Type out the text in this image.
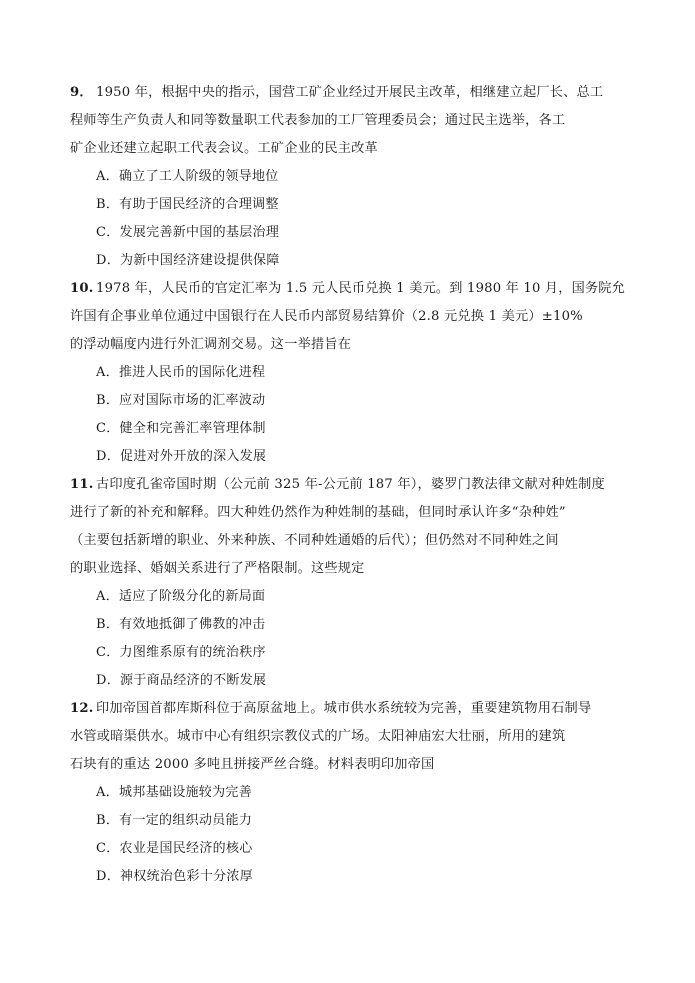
9． 1950 年，根据中央的指示，国营工矿企业经过开展民主改革，相继建立起厂长、总工
程师等生产负责人和同等数量职工代表参加的工厂管理委员会；通过民主选举，各工
矿企业还建立起职工代表会议。工矿企业的民主改革
A．确立了工人阶级的领导地位
B．有助于国民经济的合理调整
C．发展完善新中国的基层治理
D．为新中国经济建设提供保障
10. 1978 年，人民币的官定汇率为 1.5 元人民币兑换 1 美元。到 1980 年 10 月，国务院允
许国有企事业单位通过中国银行在人民币内部贸易结算价（2.8 元兑换 1 美元）±10%
的浮动幅度内进行外汇调剂交易。这一举措旨在
A．推进人民币的国际化进程
B．应对国际市场的汇率波动
C．健全和完善汇率管理体制
D．促进对外开放的深入发展
11. 古印度孔雀帝国时期（公元前 325 年-公元前 187 年），婆罗门教法律文献对种姓制度
进行了新的补充和解释。四大种姓仍然作为种姓制的基础，但同时承认许多“杂种姓”
（主要包括新增的职业、外来种族、不同种姓通婚的后代）；但仍然对不同种姓之间
的职业选择、婚姻关系进行了严格限制。这些规定
A．适应了阶级分化的新局面
B．有效地抵御了佛教的冲击
C．力图维系原有的统治秩序
D．源于商品经济的不断发展
12. 印加帝国首都库斯科位于高原盆地上。城市供水系统较为完善，重要建筑物用石制导
水管或暗渠供水。城市中心有组织宗教仪式的广场。太阳神庙宏大壮丽，所用的建筑
石块有的重达 2000 多吨且拼接严丝合缝。材料表明印加帝国
A．城邦基础设施较为完善
B．有一定的组织动员能力
C．农业是国民经济的核心
D．神权统治色彩十分浓厚
